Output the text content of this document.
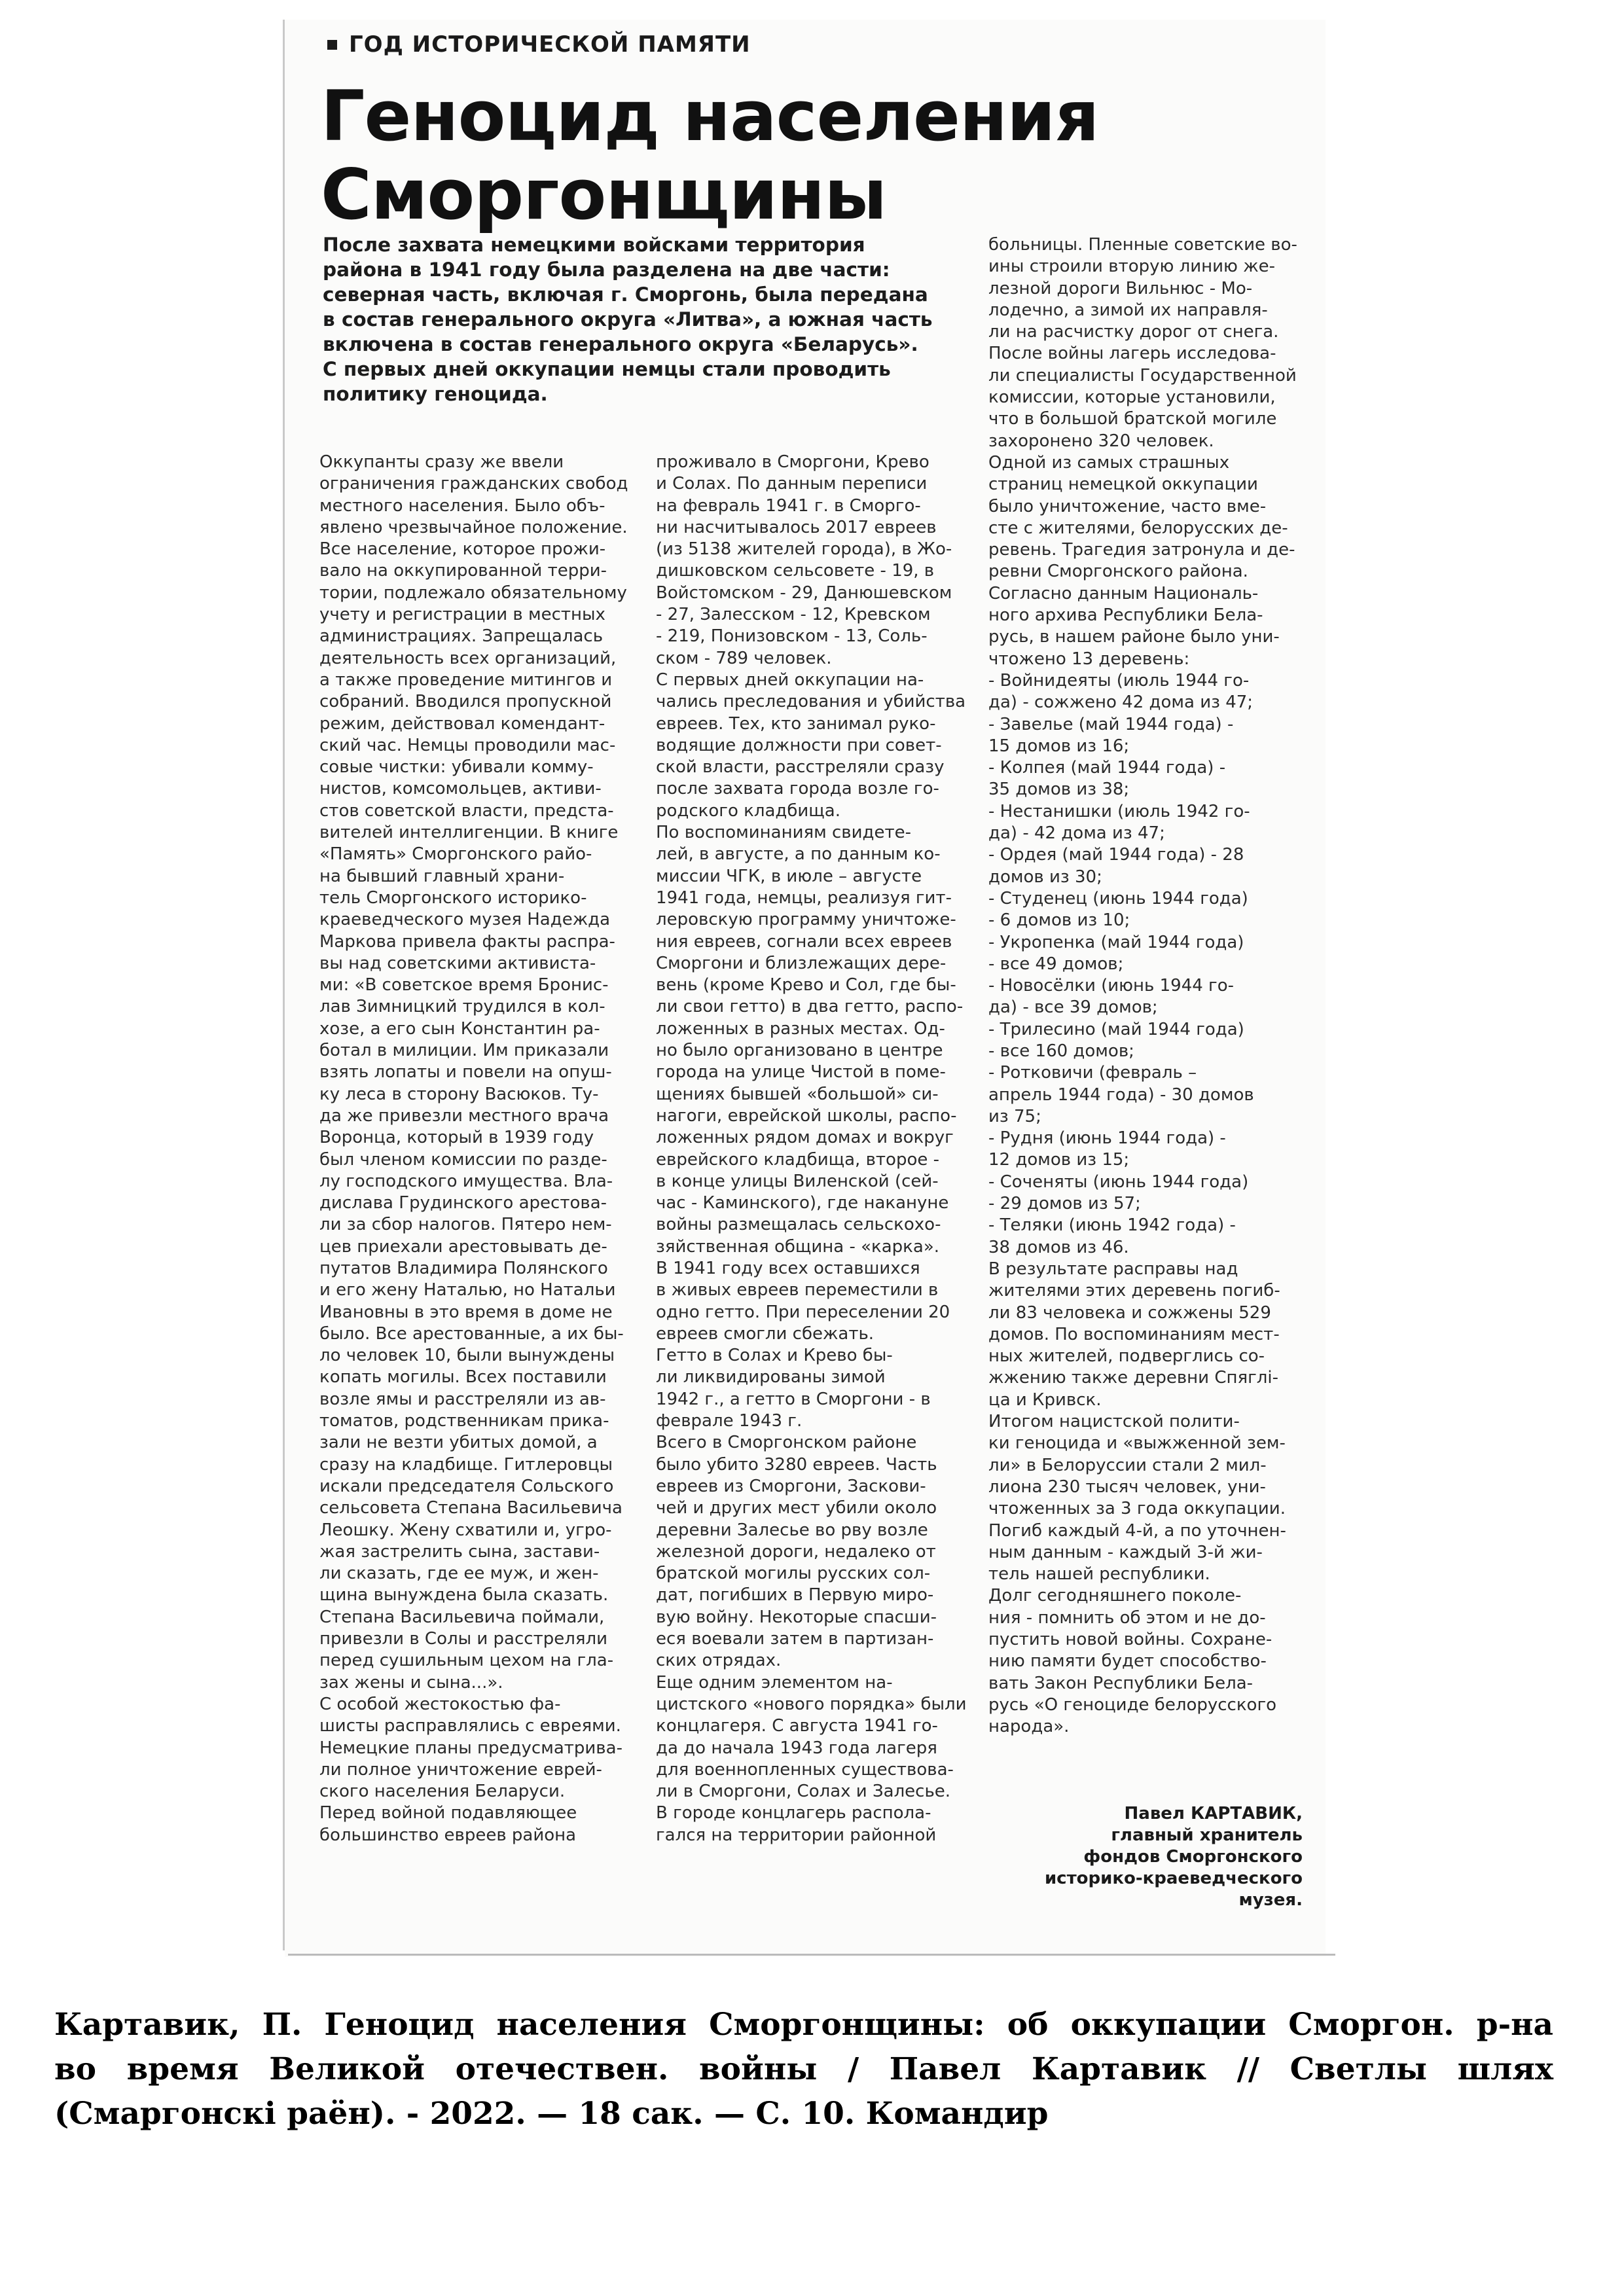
ГОД ИСТОРИЧЕСКОЙ ПАМЯТИ
Геноцид населения
Сморгонщины
После захвата немецкими войсками территория
района в 1941 году была разделена на две части:
северная часть, включая г. Сморгонь, была передана
в состав генерального округа «Литва», а южная часть
включена в состав генерального округа «Беларусь».
С первых дней оккупации немцы стали проводить
политику геноцида.
Оккупанты сразу же ввели
ограничения гражданских свобод
местного населения. Было объ-
явлено чрезвычайное положение.
Все население, которое прожи-
вало на оккупированной терри-
тории, подлежало обязательному
учету и регистрации в местных
администрациях. Запрещалась
деятельность всех организаций,
а также проведение митингов и
собраний. Вводился пропускной
режим, действовал комендант-
ский час. Немцы проводили мас-
совые чистки: убивали комму-
нистов, комсомольцев, активи-
стов советской власти, предста-
вителей интеллигенции. В книге
«Память» Сморгонского райо-
на бывший главный храни-
тель Сморгонского историко-
краеведческого музея Надежда
Маркова привела факты распра-
вы над советскими активиста-
ми: «В советское время Бронис-
лав Зимницкий трудился в кол-
хозе, а его сын Константин ра-
ботал в милиции. Им приказали
взять лопаты и повели на опуш-
ку леса в сторону Васюков. Ту-
да же привезли местного врача
Воронца, который в 1939 году
был членом комиссии по разде-
лу господского имущества. Вла-
дислава Грудинского арестова-
ли за сбор налогов. Пятеро нем-
цев приехали арестовывать де-
путатов Владимира Полянского
и его жену Наталью, но Натальи
Ивановны в это время в доме не
было. Все арестованные, а их бы-
ло человек 10, были вынуждены
копать могилы. Всех поставили
возле ямы и расстреляли из ав-
томатов, родственникам прика-
зали не везти убитых домой, а
сразу на кладбище. Гитлеровцы
искали председателя Сольского
сельсовета Степана Васильевича
Леошку. Жену схватили и, угро-
жая застрелить сына, застави-
ли сказать, где ее муж, и жен-
щина вынуждена была сказать.
Степана Васильевича поймали,
привезли в Солы и расстреляли
перед сушильным цехом на гла-
зах жены и сына...».
С особой жестокостью фа-
шисты расправлялись с евреями.
Немецкие планы предусматрива-
ли полное уничтожение еврей-
ского населения Беларуси.
Перед войной подавляющее
большинство евреев района
проживало в Сморгони, Крево
и Солах. По данным переписи
на февраль 1941 г. в Сморго-
ни насчитывалось 2017 евреев
(из 5138 жителей города), в Жо-
дишковском сельсовете - 19, в
Войстомском - 29, Данюшевском
- 27, Залесском - 12, Кревском
- 219, Понизовском - 13, Соль-
ском - 789 человек.
С первых дней оккупации на-
чались преследования и убийства
евреев. Тех, кто занимал руко-
водящие должности при совет-
ской власти, расстреляли сразу
после захвата города возле го-
родского кладбища.
По воспоминаниям свидете-
лей, в августе, а по данным ко-
миссии ЧГК, в июле – августе
1941 года, немцы, реализуя гит-
леровскую программу уничтоже-
ния евреев, согнали всех евреев
Сморгони и близлежащих дере-
вень (кроме Крево и Сол, где бы-
ли свои гетто) в два гетто, распо-
ложенных в разных местах. Од-
но было организовано в центре
города на улице Чистой в поме-
щениях бывшей «большой» си-
нагоги, еврейской школы, распо-
ложенных рядом домах и вокруг
еврейского кладбища, второе -
в конце улицы Виленской (сей-
час - Каминского), где накануне
войны размещалась сельскохо-
зяйственная община - «карка».
В 1941 году всех оставшихся
в живых евреев переместили в
одно гетто. При переселении 20
евреев смогли сбежать.
Гетто в Солах и Крево бы-
ли ликвидированы зимой
1942 г., а гетто в Сморгони - в
феврале 1943 г.
Всего в Сморгонском районе
было убито 3280 евреев. Часть
евреев из Сморгони, Заскови-
чей и других мест убили около
деревни Залесье во рву возле
железной дороги, недалеко от
братской могилы русских сол-
дат, погибших в Первую миро-
вую войну. Некоторые спасши-
еся воевали затем в партизан-
ских отрядах.
Еще одним элементом на-
цистского «нового порядка» были
концлагеря. С августа 1941 го-
да до начала 1943 года лагеря
для военнопленных существова-
ли в Сморгони, Солах и Залесье.
В городе концлагерь распола-
гался на территории районной
больницы. Пленные советские во-
ины строили вторую линию же-
лезной дороги Вильнюс - Мо-
лодечно, а зимой их направля-
ли на расчистку дорог от снега.
После войны лагерь исследова-
ли специалисты Государственной
комиссии, которые установили,
что в большой братской могиле
захоронено 320 человек.
Одной из самых страшных
страниц немецкой оккупации
было уничтожение, часто вме-
сте с жителями, белорусских де-
ревень. Трагедия затронула и де-
ревни Сморгонского района.
Согласно данным Националь-
ного архива Республики Бела-
русь, в нашем районе было уни-
чтожено 13 деревень:
- Войнидеяты (июль 1944 го-
да) - сожжено 42 дома из 47;
- Завелье (май 1944 года) -
15 домов из 16;
- Колпея (май 1944 года) -
35 домов из 38;
- Нестанишки (июль 1942 го-
да) - 42 дома из 47;
- Ордея (май 1944 года) - 28
домов из 30;
- Студенец (июнь 1944 года)
- 6 домов из 10;
- Укропенка (май 1944 года)
- все 49 домов;
- Новосёлки (июнь 1944 го-
да) - все 39 домов;
- Трилесино (май 1944 года)
- все 160 домов;
- Ротковичи (февраль –
апрель 1944 года) - 30 домов
из 75;
- Рудня (июнь 1944 года) -
12 домов из 15;
- Соченяты (июнь 1944 года)
- 29 домов из 57;
- Теляки (июнь 1942 года) -
38 домов из 46.
В результате расправы над
жителями этих деревень погиб-
ли 83 человека и сожжены 529
домов. По воспоминаниям мест-
ных жителей, подверглись со-
жжению также деревни Спяглi-
ца и Кривск.
Итогом нацистской полити-
ки геноцида и «выжженной зем-
ли» в Белоруссии стали 2 мил-
лиона 230 тысяч человек, уни-
чтоженных за 3 года оккупации.
Погиб каждый 4-й, а по уточнен-
ным данным - каждый 3-й жи-
тель нашей республики.
Долг сегодняшнего поколе-
ния - помнить об этом и не до-
пустить новой войны. Сохране-
нию памяти будет способство-
вать Закон Республики Бела-
русь «О геноциде белорусского
народа».
Павел КАРТАВИК,
главный хранитель
фондов Сморгонского
историко-краеведческого
музея.
Картавик, П. Геноцид населения Сморгонщины: об оккупации Сморгон. р-на
во время Великой отечествен. войны / Павел Картавик // Светлы шлях
(Смаргонскі раён). - 2022. — 18 сак. — С. 10. Командир
